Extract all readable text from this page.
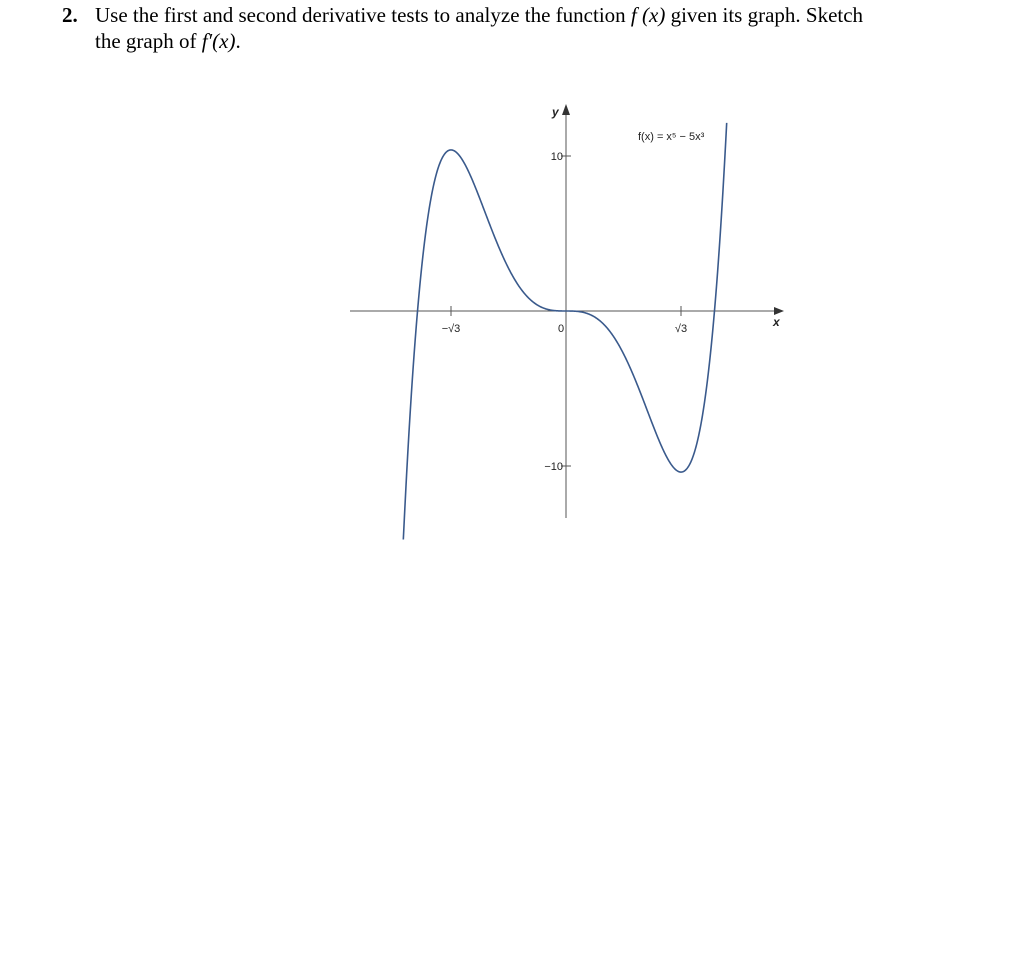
2. Use the first and second derivative tests to analyze the function f (x) given its graph. Sketch
the graph of f′(x).
x
y
−√3	0	√3
10
−10
f(x) = x⁵ − 5x³
